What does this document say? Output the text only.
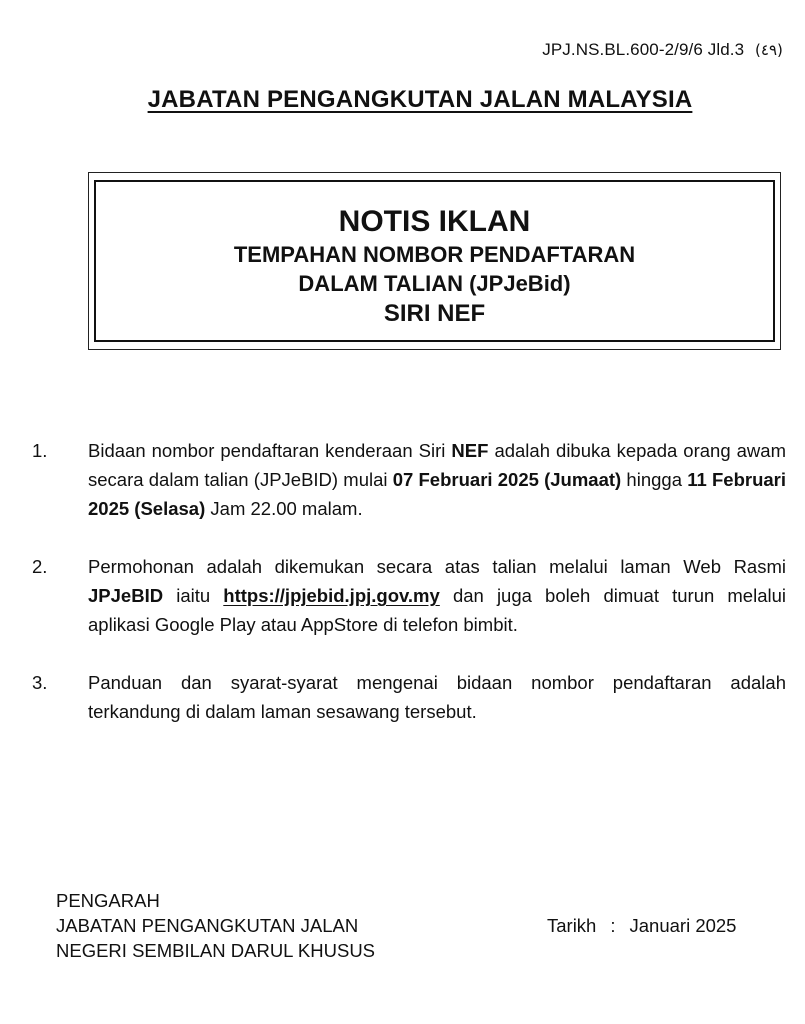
JPJ.NS.BL.600-2/9/6 Jld.3 (٤٩)
JABATAN PENGANGKUTAN JALAN MALAYSIA
NOTIS IKLAN
TEMPAHAN NOMBOR PENDAFTARAN
DALAM TALIAN (JPJeBid)
SIRI NEF
1. Bidaan nombor pendaftaran kenderaan Siri NEF adalah dibuka kepada orang awam secara dalam talian (JPJeBID) mulai 07 Februari 2025 (Jumaat) hingga 11 Februari 2025 (Selasa) Jam 22.00 malam.
2. Permohonan adalah dikemukan secara atas talian melalui laman Web Rasmi JPJeBID iaitu https://jpjebid.jpj.gov.my dan juga boleh dimuat turun melalui aplikasi Google Play atau AppStore di telefon bimbit.
3. Panduan dan syarat-syarat mengenai bidaan nombor pendaftaran adalah terkandung di dalam laman sesawang tersebut.
PENGARAH
JABATAN PENGANGKUTAN JALAN
NEGERI SEMBILAN DARUL KHUSUS
Tarikh : Januari 2025
